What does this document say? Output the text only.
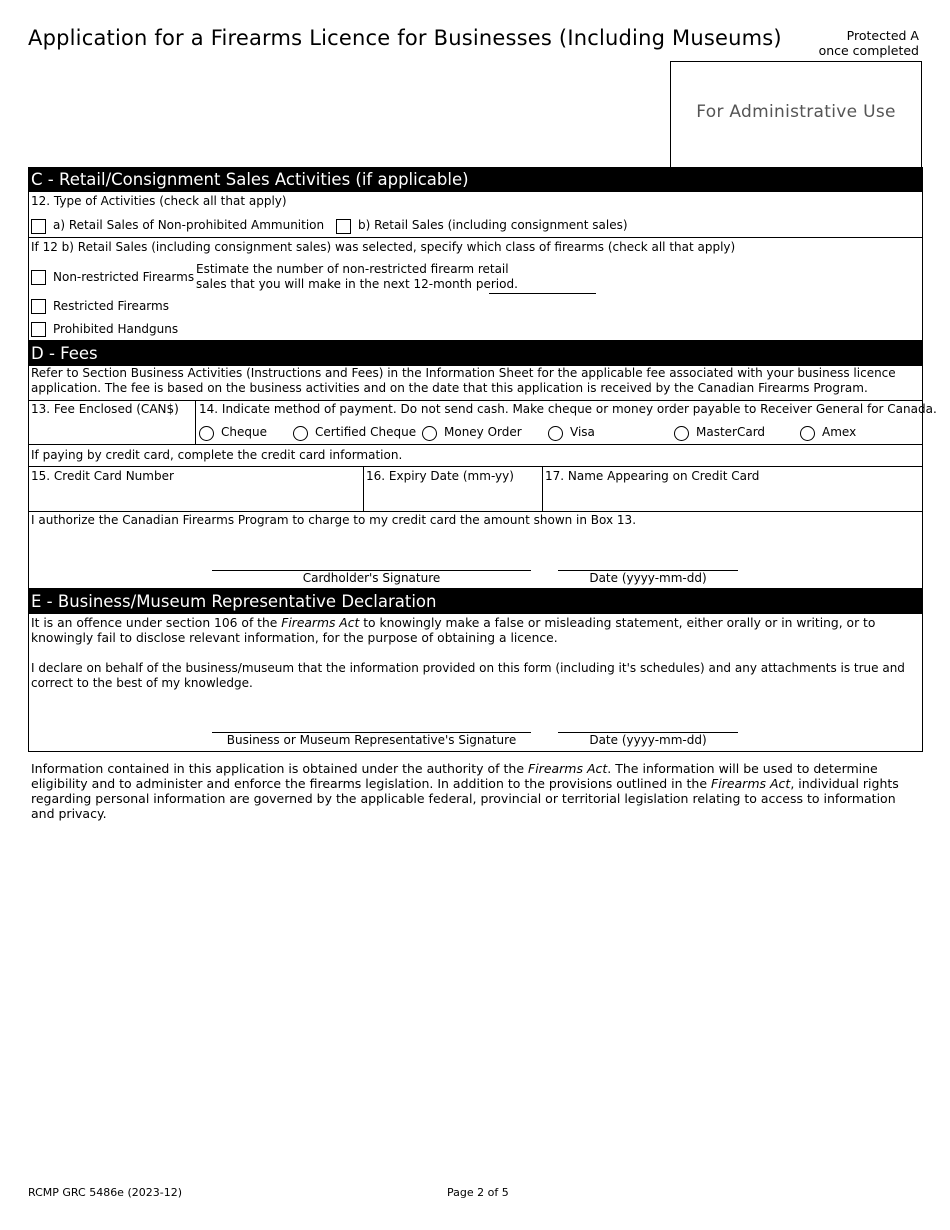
Application for a Firearms Licence for Businesses (Including Museums)	Protected A
once completed
For Administrative Use
C - Retail/Consignment Sales Activities (if applicable)
12. Type of Activities (check all that apply)
a) Retail Sales of Non-prohibited Ammunition	b) Retail Sales (including consignment sales)
If 12 b) Retail Sales (including consignment sales) was selected, specify which class of firearms (check all that apply)
Non-restricted Firearms
Estimate the number of non-restricted firearm retail
sales that you will make in the next 12-month period.
Restricted Firearms
Prohibited Handguns
D - Fees
Refer to Section Business Activities (Instructions and Fees) in the Information Sheet for the applicable fee associated with your business licence application. The fee is based on the business activities and on the date that this application is received by the Canadian Firearms Program.
13. Fee Enclosed (CAN$) 14. Indicate method of payment. Do not send cash. Make cheque or money order payable to Receiver General for Canada.
Cheque	Certified Cheque Money Order	Visa	MasterCard	Amex
If paying by credit card, complete the credit card information.
15. Credit Card Number	16. Expiry Date (mm-yy)	17. Name Appearing on Credit Card
I authorize the Canadian Firearms Program to charge to my credit card the amount shown in Box 13.
Cardholder's Signature	Date (yyyy-mm-dd)
E - Business/Museum Representative Declaration
It is an offence under section 106 of the Firearms Act to knowingly make a false or misleading statement, either orally or in writing, or to knowingly fail to disclose relevant information, for the purpose of obtaining a licence.
I declare on behalf of the business/museum that the information provided on this form (including it's schedules) and any attachments is true and correct to the best of my knowledge.
Business or Museum Representative's Signature	Date (yyyy-mm-dd)
Information contained in this application is obtained under the authority of the Firearms Act. The information will be used to determine eligibility and to administer and enforce the firearms legislation. In addition to the provisions outlined in the Firearms Act, individual rights regarding personal information are governed by the applicable federal, provincial or territorial legislation relating to access to information and privacy.
RCMP GRC 5486e (2023-12)	Page 2 of 5
